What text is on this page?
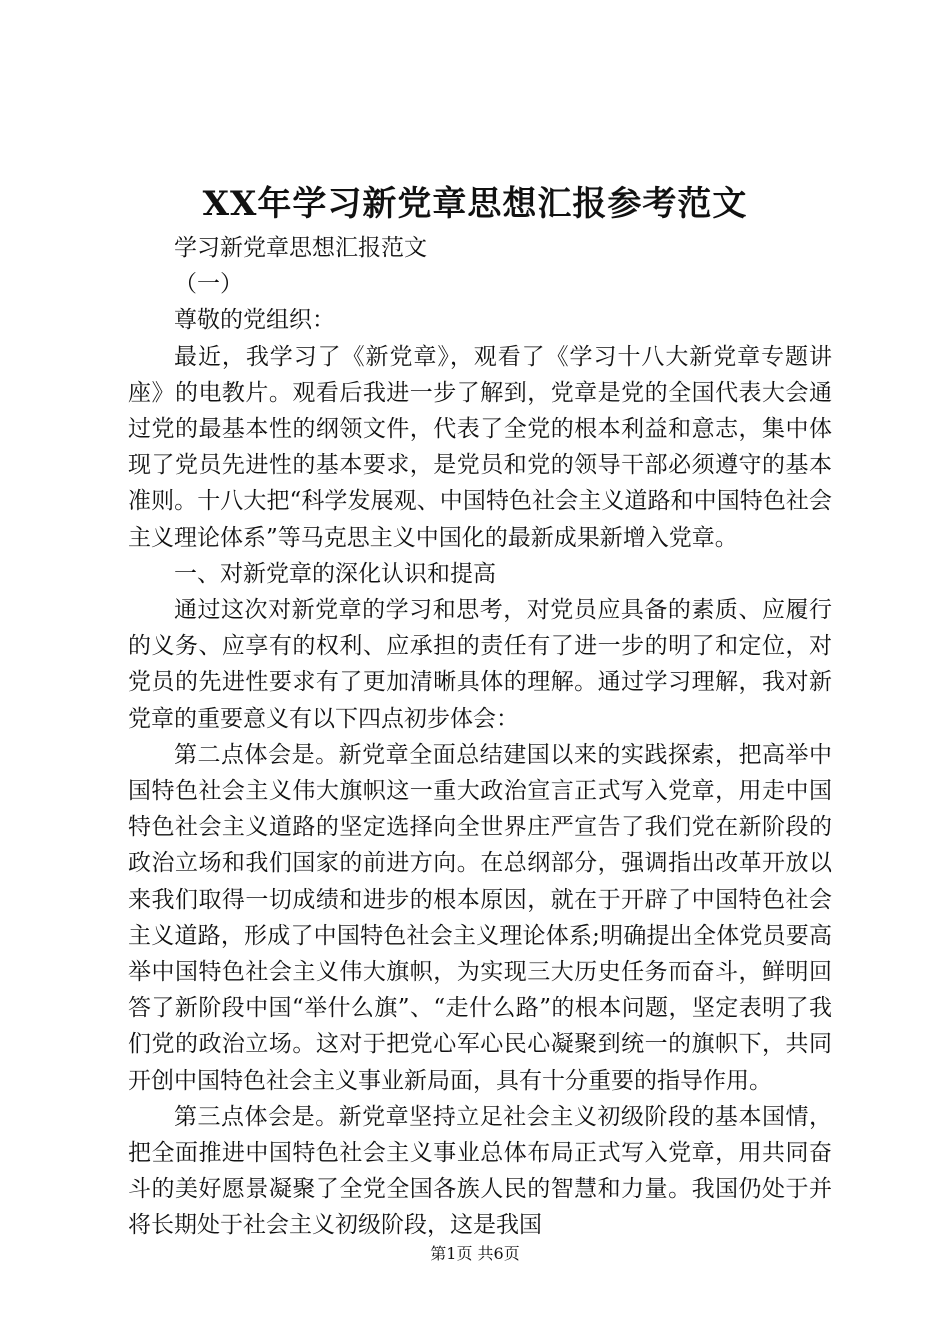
XX年学习新党章思想汇报参考范文

学习新党章思想汇报范文

（一）

尊敬的党组织：

最近，我学习了《新党章》，观看了《学习十八大新党章专题讲座》的电教片。观看后我进一步了解到，党章是党的全国代表大会通过党的最基本性的纲领文件，代表了全党的根本利益和意志，集中体现了党员先进性的基本要求，是党员和党的领导干部必须遵守的基本准则。十八大把“科学发展观、中国特色社会主义道路和中国特色社会主义理论体系”等马克思主义中国化的最新成果新增入党章。

一、对新党章的深化认识和提高

通过这次对新党章的学习和思考，对党员应具备的素质、应履行的义务、应享有的权利、应承担的责任有了进一步的明了和定位，对党员的先进性要求有了更加清晰具体的理解。通过学习理解，我对新党章的重要意义有以下四点初步体会：

第二点体会是。新党章全面总结建国以来的实践探索，把高举中国特色社会主义伟大旗帜这一重大政治宣言正式写入党章，用走中国特色社会主义道路的坚定选择向全世界庄严宣告了我们党在新阶段的政治立场和我们国家的前进方向。在总纲部分，强调指出改革开放以来我们取得一切成绩和进步的根本原因，就在于开辟了中国特色社会主义道路，形成了中国特色社会主义理论体系;明确提出全体党员要高举中国特色社会主义伟大旗帜，为实现三大历史任务而奋斗，鲜明回答了新阶段中国“举什么旗”、“走什么路”的根本问题，坚定表明了我们党的政治立场。这对于把党心军心民心凝聚到统一的旗帜下，共同开创中国特色社会主义事业新局面，具有十分重要的指导作用。

第三点体会是。新党章坚持立足社会主义初级阶段的基本国情，把全面推进中国特色社会主义事业总体布局正式写入党章，用共同奋斗的美好愿景凝聚了全党全国各族人民的智慧和力量。我国仍处于并将长期处于社会主义初级阶段，这是我国

第1页 共6页
